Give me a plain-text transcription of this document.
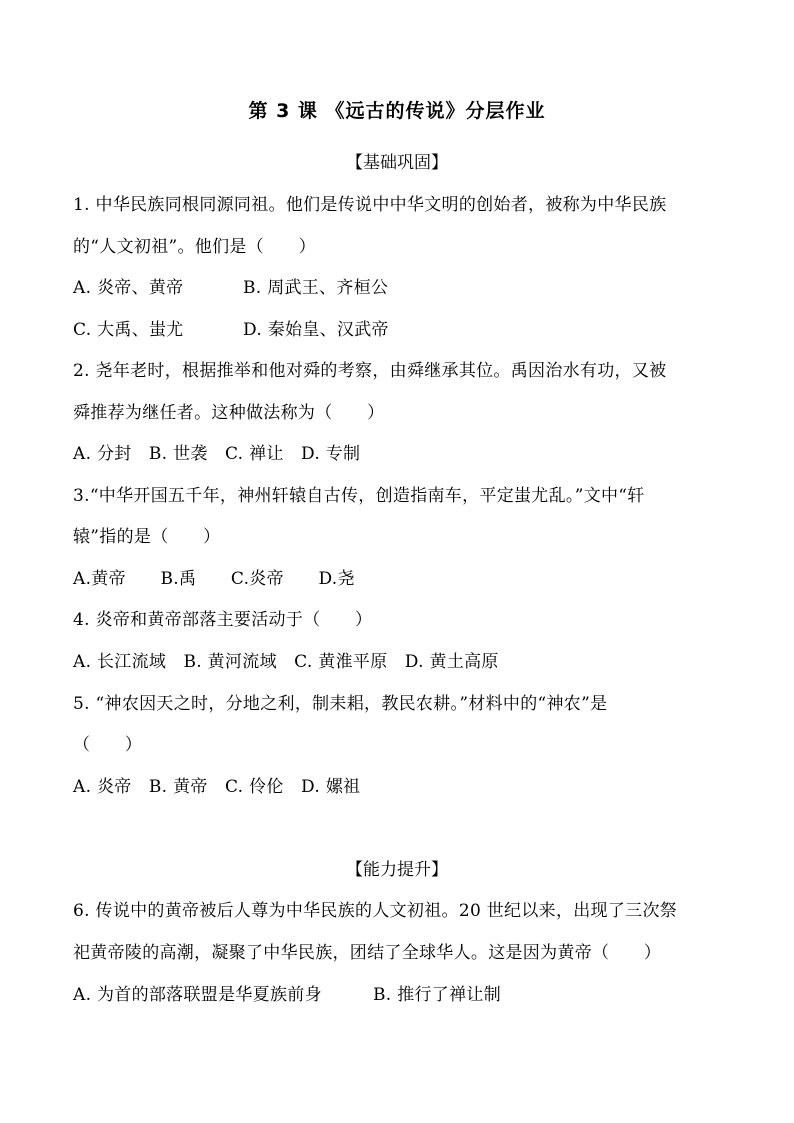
第 3 课 《远古的传说》分层作业
【基础巩固】
1. 中华民族同根同源同祖。他们是传说中中华文明的创始者，被称为中华民族
的“人文初祖”。他们是（　　）
A. 炎帝、黄帝	B. 周武王、齐桓公
C. 大禹、蚩尤	D. 秦始皇、汉武帝
2. 尧年老时，根据推举和他对舜的考察，由舜继承其位。禹因治水有功，又被
舜推荐为继任者。这种做法称为（　　）
A. 分封　B. 世袭　C. 禅让　D. 专制
3.“中华开国五千年，神州轩辕自古传，创造指南车，平定蚩尤乱。”文中“轩
辕”指的是（　　）
A.黄帝　　B.禹　　C.炎帝　　D.尧
4. 炎帝和黄帝部落主要活动于（　　）
A. 长江流域　B. 黄河流域　C. 黄淮平原　D. 黄土高原
5. “神农因天之时，分地之利，制耒耜，教民农耕。”材料中的“神农”是
（　　）
A. 炎帝　B. 黄帝　C. 伶伦　D. 嫘祖
【能力提升】
6. 传说中的黄帝被后人尊为中华民族的人文初祖。20 世纪以来，出现了三次祭
祀黄帝陵的高潮，凝聚了中华民族，团结了全球华人。这是因为黄帝（　　）
A. 为首的部落联盟是华夏族前身	B. 推行了禅让制
